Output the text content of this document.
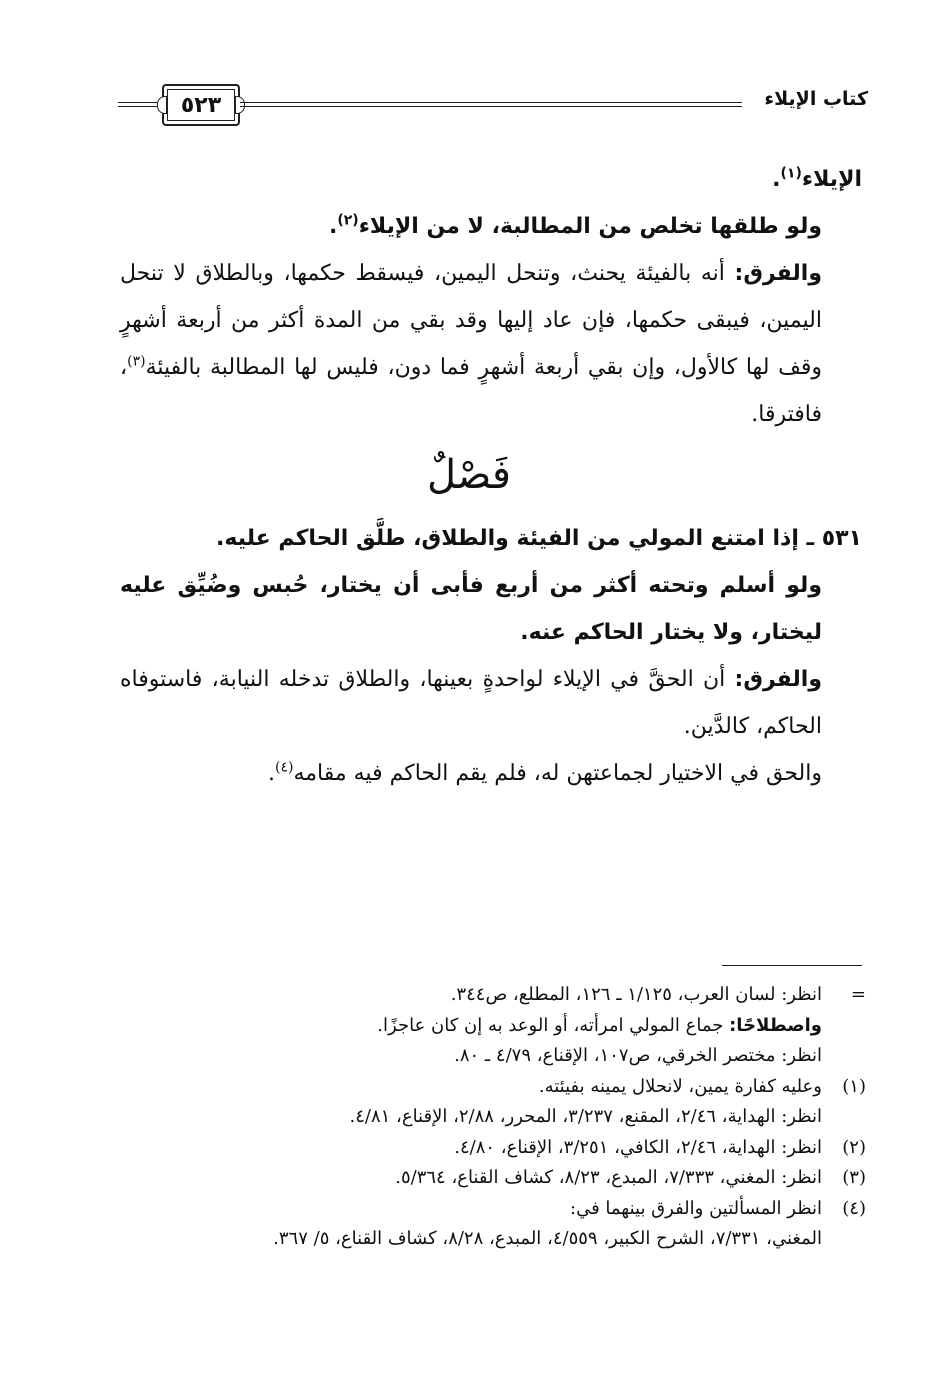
٥٢٣	كتاب الإيلاء

الإيلاء$^{(١)}$.

ولو طلقها تخلص من المطالبة، لا من الإيلاء$^{(٢)}$.

والفرق: أنه بالفيئة يحنث، وتنحل اليمين، فيسقط حكمها، وبالطلاق لا تنحل اليمين، فيبقى حكمها، فإن عاد إليها وقد بقي من المدة أكثر من أربعة أشهرٍ وقف لها كالأول، وإن بقي أربعة أشهرٍ فما دون، فليس لها المطالبة بالفيئة$^{(٣)}$، فافترقا.

فَصْلٌ

٥٣١ ـ إذا امتنع المولي من الفيئة والطلاق، طلَّق الحاكم عليه.

ولو أسلم وتحته أكثر من أربع فأبى أن يختار، حُبس وضُيِّق عليه ليختار، ولا يختار الحاكم عنه.

والفرق: أن الحقَّ في الإيلاء لواحدةٍ بعينها، والطلاق تدخله النيابة، فاستوفاه الحاكم، كالدَّين.

والحق في الاختيار لجماعتهن له، فلم يقم الحاكم فيه مقامه$^{(٤)}$.

=
انظر: لسان العرب، ١/١٢٥ ـ ١٢٦، المطلع، ص٣٤٤.
واصطلاحًا: جماع المولي امرأته، أو الوعد به إن كان عاجزًا.
انظر: مختصر الخرقي، ص١٠٧، الإقناع، ٤/٧٩ ـ ٨٠.
(١)
وعليه كفارة يمين، لانحلال يمينه بفيئته.
انظر: الهداية، ٢/٤٦، المقنع، ٣/٢٣٧، المحرر، ٢/٨٨، الإقناع، ٤/٨١.
(٢)
انظر: الهداية، ٢/٤٦، الكافي، ٣/٢٥١، الإقناع، ٤/٨٠.
(٣)
انظر: المغني، ٧/٣٣٣، المبدع، ٨/٢٣، كشاف القناع، ٥/٣٦٤.
(٤)
انظر المسألتين والفرق بينهما في:
المغني، ٧/٣٣١، الشرح الكبير، ٤/٥٥٩، المبدع، ٨/٢٨، كشاف القناع، ٥/ ٣٦٧.
